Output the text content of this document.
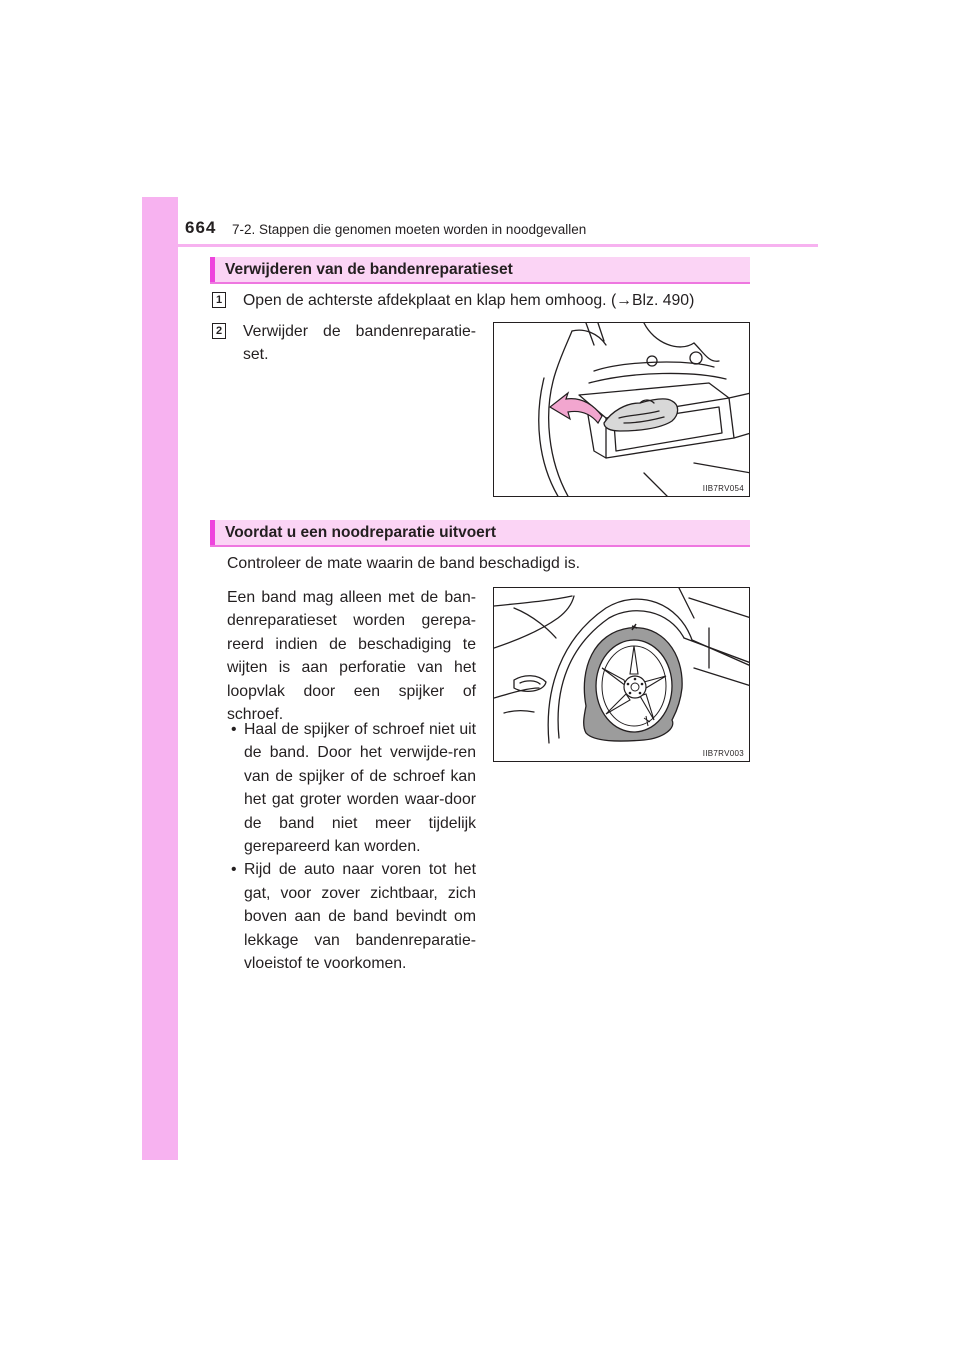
664 7-2. Stappen die genomen moeten worden in noodgevallen
Verwijderen van de bandenreparatieset
1 Open de achterste afdekplaat en klap hem omhoog. (→Blz. 490)
2 Verwijder de bandenreparatie-set.
IIB7RV054
Voordat u een noodreparatie uitvoert
Controleer de mate waarin de band beschadigd is.
Een band mag alleen met de ban-denreparatieset worden gerepa-reerd indien de beschadiging te wijten is aan perforatie van het loopvlak door een spijker of schroef.
• Haal de spijker of schroef niet uit de band. Door het verwijde-ren van de spijker of de schroef kan het gat groter worden waar-door de band niet meer tijdelijk gerepareerd kan worden.
• Rijd de auto naar voren tot het gat, voor zover zichtbaar, zich boven aan de band bevindt om lekkage van bandenreparatie-vloeistof te voorkomen.
IIB7RV003
